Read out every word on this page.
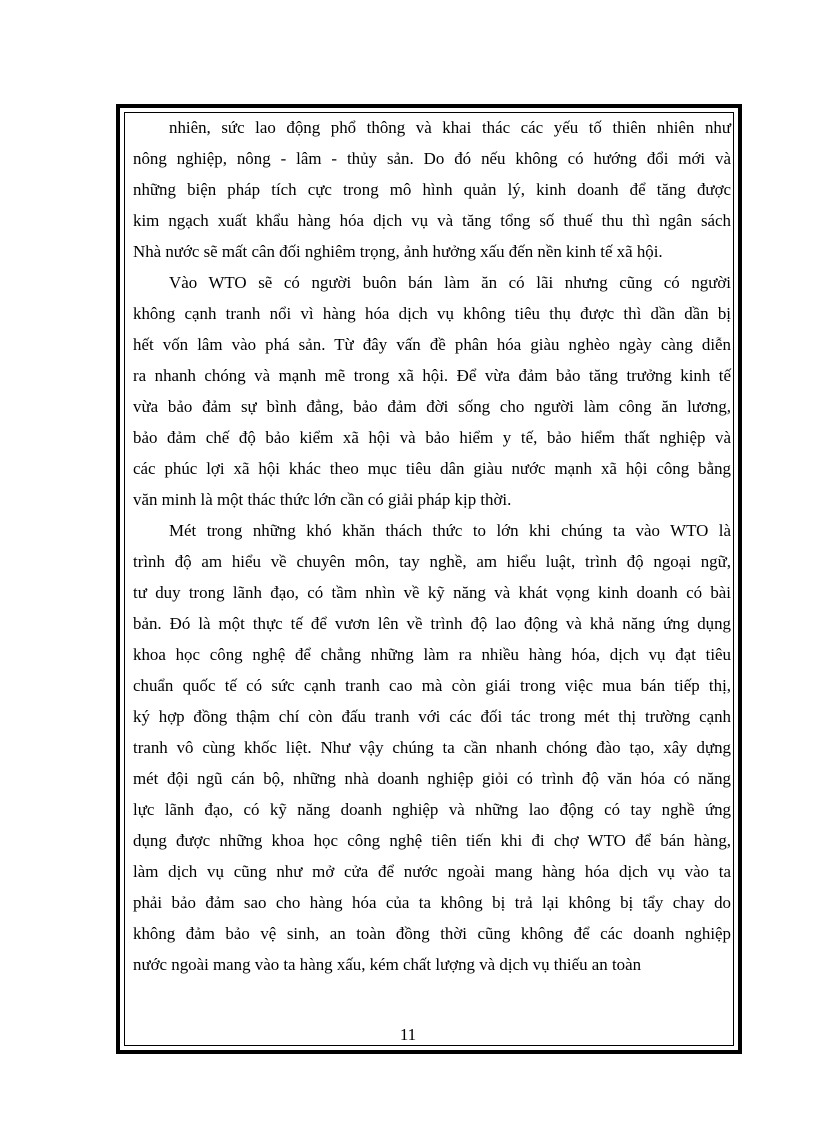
nhiên, sức lao động phổ thông và khai thác các yếu tố thiên nhiên như
nông nghiệp, nông - lâm - thủy sản. Do đó nếu không có hướng đổi mới và
những biện pháp tích cực trong mô hình quản lý, kinh doanh để tăng được
kim ngạch xuất khẩu hàng hóa dịch vụ và tăng tổng số thuế thu thì ngân sách
Nhà nước sẽ mất cân đối nghiêm trọng, ảnh hưởng xấu đến nền kinh tế xã hội.

Vào WTO sẽ có người buôn bán làm ăn có lãi nhưng cũng có người
không cạnh tranh nổi vì hàng hóa dịch vụ không tiêu thụ được thì dần dần bị
hết vốn lâm vào phá sản. Từ đây vấn đề phân hóa giàu nghèo ngày càng diễn
ra nhanh chóng và mạnh mẽ trong xã hội. Để vừa đảm bảo tăng trưởng kinh tế
vừa bảo đảm sự bình đẳng, bảo đảm đời sống cho người làm công ăn lương,
bảo đảm chế độ bảo kiểm xã hội và bảo hiểm y tế, bảo hiểm thất nghiệp và
các phúc lợi xã hội khác theo mục tiêu dân giàu nước mạnh xã hội công bằng
văn minh là một thác thức lớn cần có giải pháp kịp thời.

Mét trong những khó khăn thách thức to lớn khi chúng ta vào WTO là
trình độ am hiểu về chuyên môn, tay nghề, am hiểu luật, trình độ ngoại ngữ,
tư duy trong lãnh đạo, có tầm nhìn về kỹ năng và khát vọng kinh doanh có bài
bản. Đó là một thực tế để vươn lên về trình độ lao động và khả năng ứng dụng
khoa học công nghệ để chẳng những làm ra nhiều hàng hóa, dịch vụ đạt tiêu
chuẩn quốc tế có sức cạnh tranh cao mà còn giái trong việc mua bán tiếp thị,
ký hợp đồng thậm chí còn đấu tranh với các đối tác trong mét thị trường cạnh
tranh vô cùng khốc liệt. Như vậy chúng ta cần nhanh chóng đào tạo, xây dựng
mét đội ngũ cán bộ, những nhà doanh nghiệp giỏi có trình độ văn hóa có năng
lực lãnh đạo, có kỹ năng doanh nghiệp và những lao động có tay nghề ứng
dụng được những khoa học công nghệ tiên tiến khi đi chợ WTO để bán hàng,
làm dịch vụ cũng như mở cửa để nước ngoài mang hàng hóa dịch vụ vào ta
phải bảo đảm sao cho hàng hóa của ta không bị trả lại không bị tẩy chay do
không đảm bảo vệ sinh, an toàn đồng thời cũng không để các doanh nghiệp
nước ngoài mang vào ta hàng xấu, kém chất lượng và dịch vụ thiếu an toàn

11
